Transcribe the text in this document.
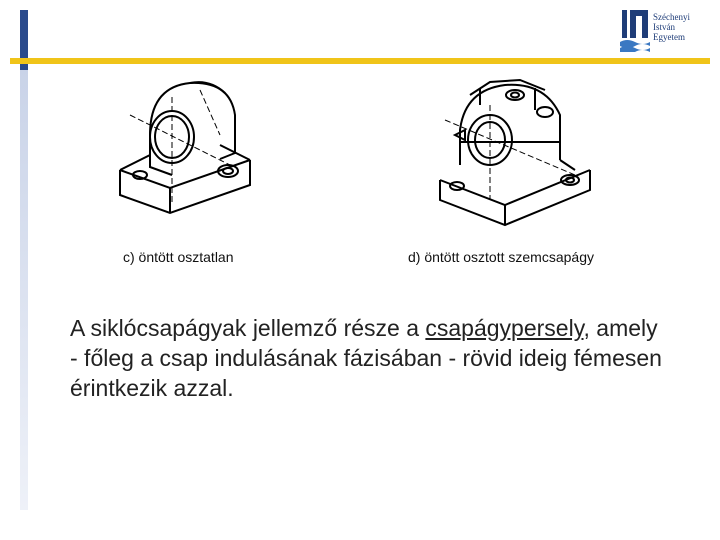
Széchenyi
István
Egyetem
c) öntött osztatlan	d) öntött osztott szemcsapágy
A siklócsapágyak jellemző része a csapágypersely, amely - főleg a csap indulásának fázisában - rövid ideig fémesen érintkezik azzal.
